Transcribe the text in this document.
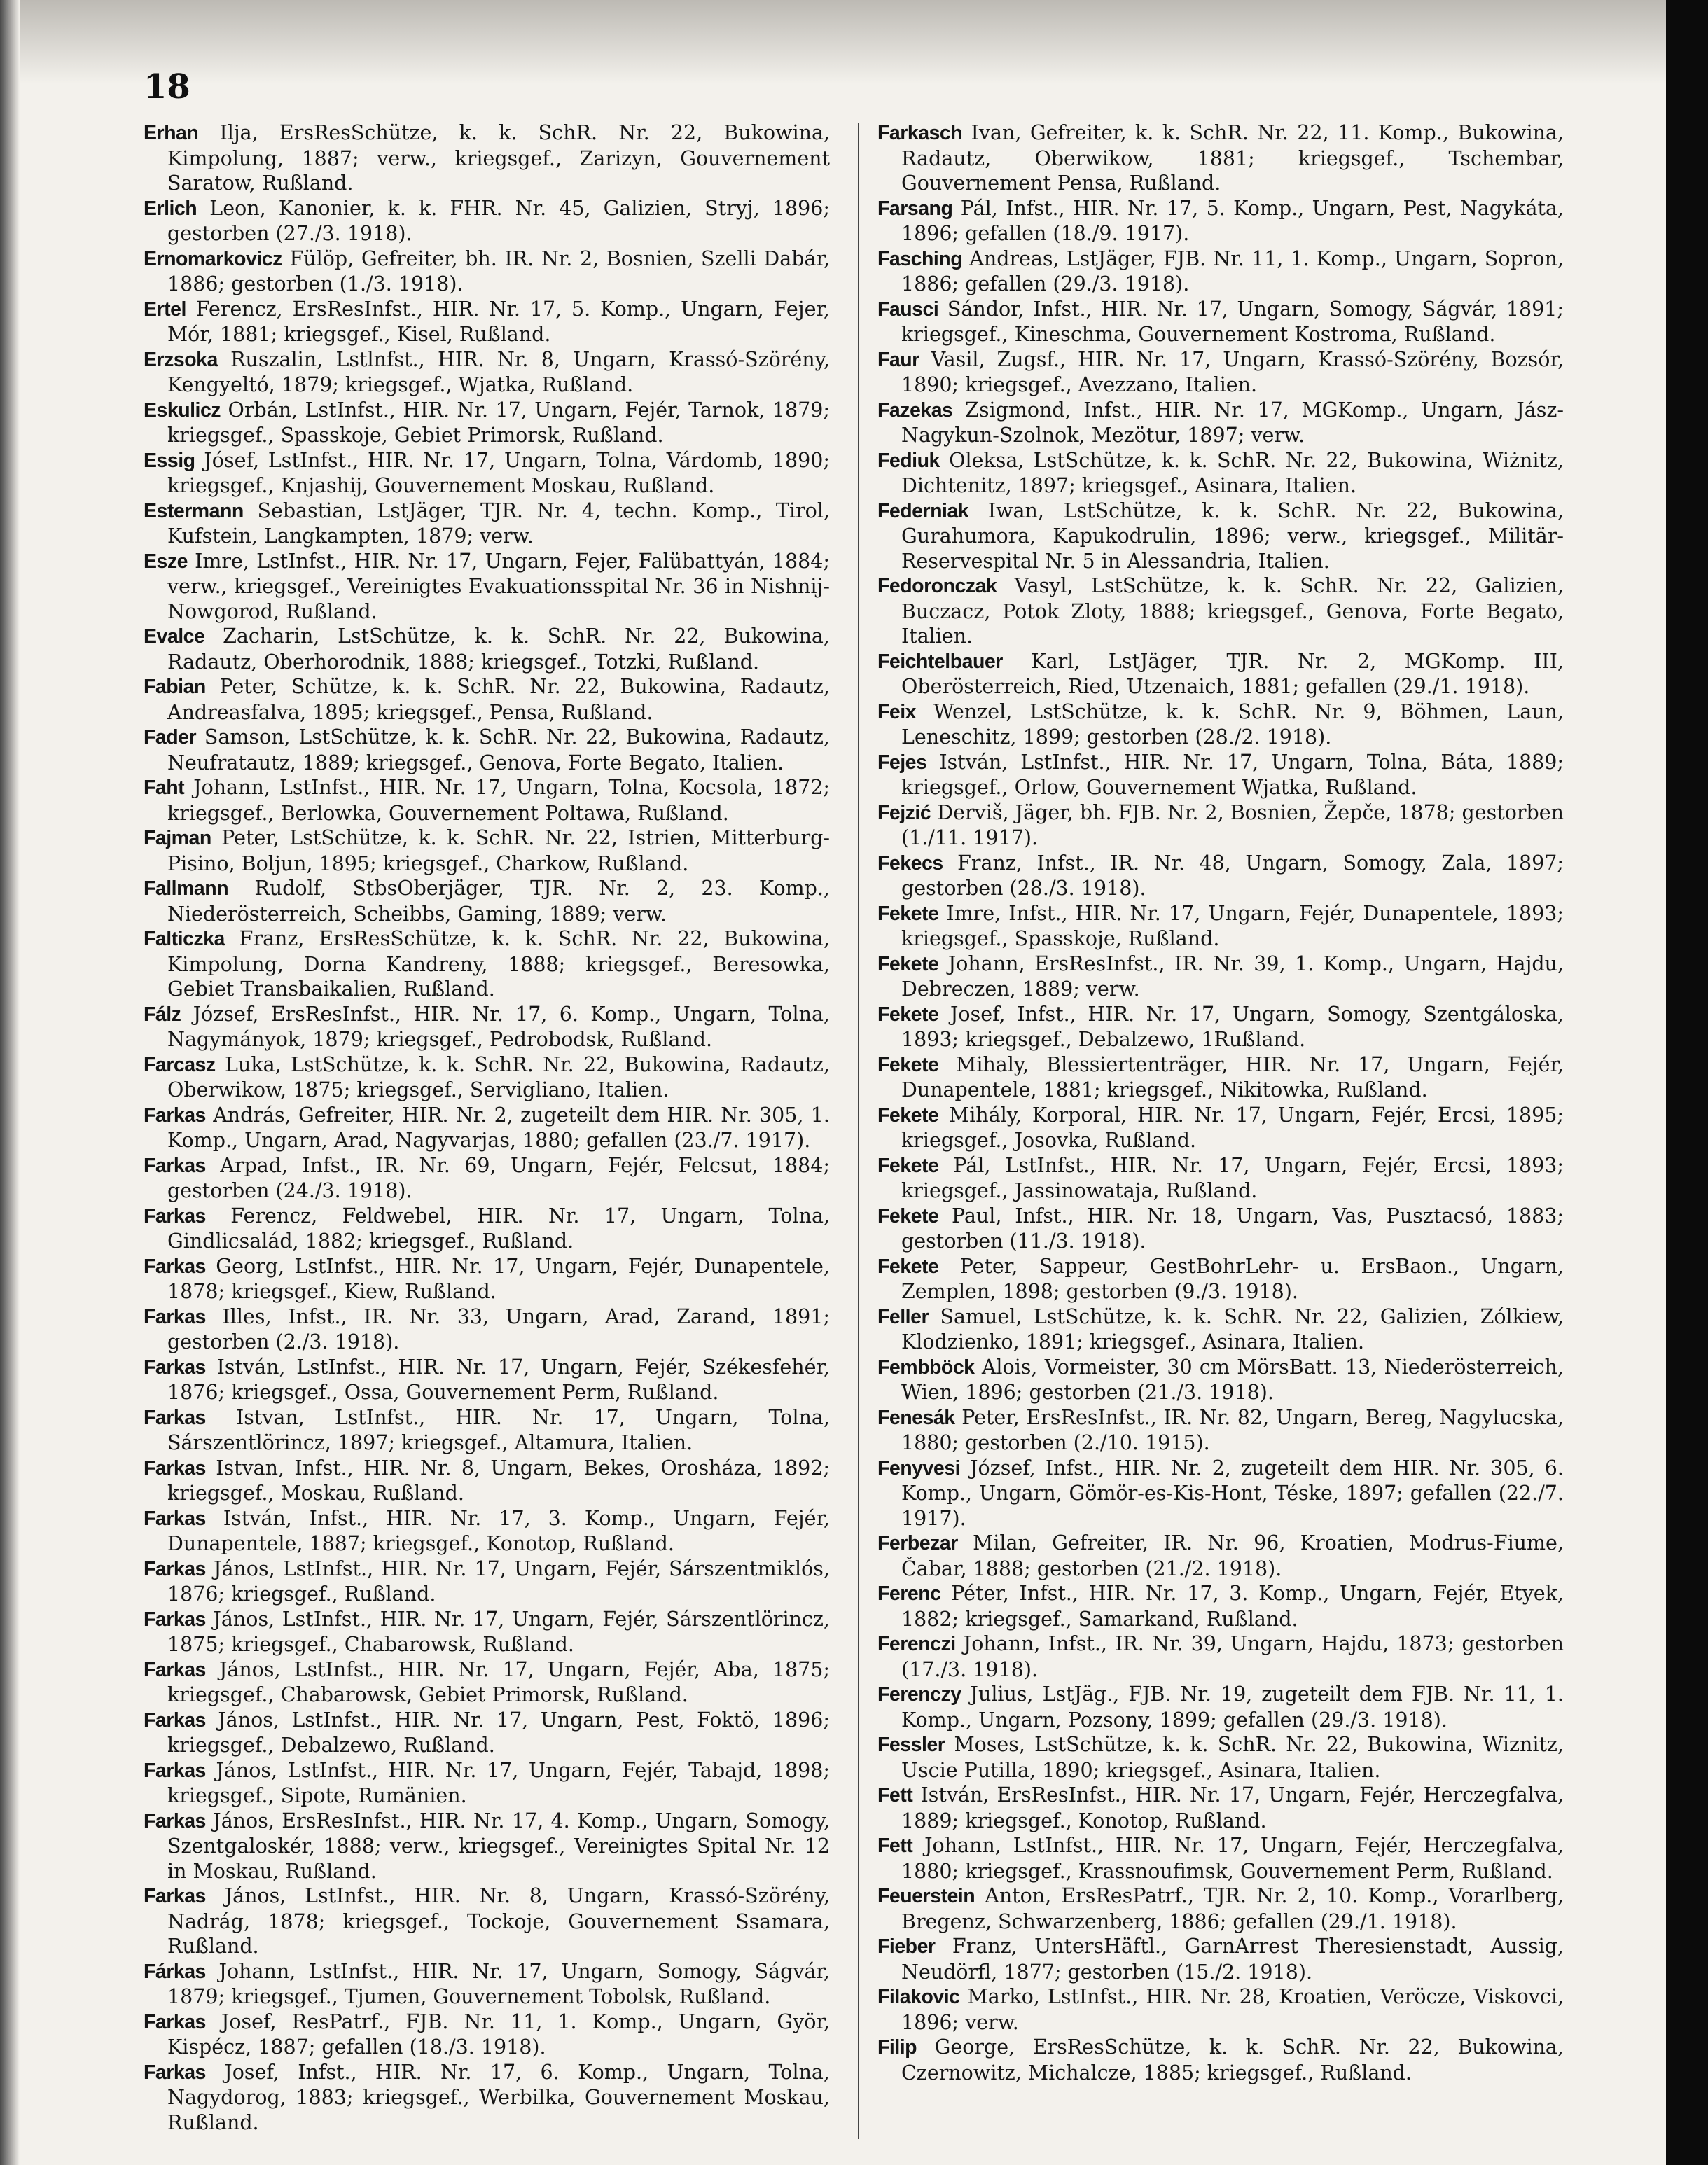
18

Erhan Ilja, ErsResSchütze, k. k. SchR. Nr. 22, Bukowina, Kimpolung, 1887; verw., kriegsgef., Zarizyn, Gouvernement Saratow, Rußland.

Erlich Leon, Kanonier, k. k. FHR. Nr. 45, Galizien, Stryj, 1896; gestorben (27./3. 1918).

Ernomarkovicz Fülöp, Gefreiter, bh. IR. Nr. 2, Bosnien, Szelli Dabár, 1886; gestorben (1./3. 1918).

Ertel Ferencz, ErsResInfst., HIR. Nr. 17, 5. Komp., Ungarn, Fejer, Mór, 1881; kriegsgef., Kisel, Rußland.

Erzsoka Ruszalin, Lstlnfst., HIR. Nr. 8, Ungarn, Krassó-Szörény, Kengyeltó, 1879; kriegsgef., Wjatka, Rußland.

Eskulicz Orbán, LstInfst., HIR. Nr. 17, Ungarn, Fejér, Tarnok, 1879; kriegsgef., Spasskoje, Gebiet Primorsk, Rußland.

Essig Jósef, LstInfst., HIR. Nr. 17, Ungarn, Tolna, Várdomb, 1890; kriegsgef., Knjashij, Gouvernement Moskau, Rußland.

Estermann Sebastian, LstJäger, TJR. Nr. 4, techn. Komp., Tirol, Kufstein, Langkampten, 1879; verw.

Esze Imre, LstInfst., HIR. Nr. 17, Ungarn, Fejer, Falübattyán, 1884; verw., kriegsgef., Vereinigtes Evakuationsspital Nr. 36 in Nishnij-Nowgorod, Rußland.

Evalce Zacharin, LstSchütze, k. k. SchR. Nr. 22, Bukowina, Radautz, Oberhorodnik, 1888; kriegsgef., Totzki, Rußland.

Fabian Peter, Schütze, k. k. SchR. Nr. 22, Bukowina, Radautz, Andreasfalva, 1895; kriegsgef., Pensa, Rußland.

Fader Samson, LstSchütze, k. k. SchR. Nr. 22, Bukowina, Radautz, Neufratautz, 1889; kriegsgef., Genova, Forte Begato, Italien.

Faht Johann, LstInfst., HIR. Nr. 17, Ungarn, Tolna, Kocsola, 1872; kriegsgef., Berlowka, Gouvernement Poltawa, Rußland.

Fajman Peter, LstSchütze, k. k. SchR. Nr. 22, Istrien, Mitterburg-Pisino, Boljun, 1895; kriegsgef., Charkow, Rußland.

Fallmann Rudolf, StbsOberjäger, TJR. Nr. 2, 23. Komp., Niederösterreich, Scheibbs, Gaming, 1889; verw.

Falticzka Franz, ErsResSchütze, k. k. SchR. Nr. 22, Bukowina, Kimpolung, Dorna Kandreny, 1888; kriegsgef., Beresowka, Gebiet Transbaikalien, Rußland.

Fálz József, ErsResInfst., HIR. Nr. 17, 6. Komp., Ungarn, Tolna, Nagymányok, 1879; kriegsgef., Pedrobodsk, Rußland.

Farcasz Luka, LstSchütze, k. k. SchR. Nr. 22, Bukowina, Radautz, Oberwikow, 1875; kriegsgef., Servigliano, Italien.

Farkas András, Gefreiter, HIR. Nr. 2, zugeteilt dem HIR. Nr. 305, 1. Komp., Ungarn, Arad, Nagyvarjas, 1880; gefallen (23./7. 1917).

Farkas Arpad, Infst., IR. Nr. 69, Ungarn, Fejér, Felcsut, 1884; gestorben (24./3. 1918).

Farkas Ferencz, Feldwebel, HIR. Nr. 17, Ungarn, Tolna, Gindlicsalád, 1882; kriegsgef., Rußland.

Farkas Georg, LstInfst., HIR. Nr. 17, Ungarn, Fejér, Dunapentele, 1878; kriegsgef., Kiew, Rußland.

Farkas Illes, Infst., IR. Nr. 33, Ungarn, Arad, Zarand, 1891; gestorben (2./3. 1918).

Farkas István, LstInfst., HIR. Nr. 17, Ungarn, Fejér, Székesfehér, 1876; kriegsgef., Ossa, Gouvernement Perm, Rußland.

Farkas Istvan, LstInfst., HIR. Nr. 17, Ungarn, Tolna, Sárszentlörincz, 1897; kriegsgef., Altamura, Italien.

Farkas Istvan, Infst., HIR. Nr. 8, Ungarn, Bekes, Orosháza, 1892; kriegsgef., Moskau, Rußland.

Farkas István, Infst., HIR. Nr. 17, 3. Komp., Ungarn, Fejér, Dunapentele, 1887; kriegsgef., Konotop, Rußland.

Farkas János, LstInfst., HIR. Nr. 17, Ungarn, Fejér, Sárszentmiklós, 1876; kriegsgef., Rußland.

Farkas János, LstInfst., HIR. Nr. 17, Ungarn, Fejér, Sárszentlörincz, 1875; kriegsgef., Chabarowsk, Rußland.

Farkas János, LstInfst., HIR. Nr. 17, Ungarn, Fejér, Aba, 1875; kriegsgef., Chabarowsk, Gebiet Primorsk, Rußland.

Farkas János, LstInfst., HIR. Nr. 17, Ungarn, Pest, Foktö, 1896; kriegsgef., Debalzewo, Rußland.

Farkas János, LstInfst., HIR. Nr. 17, Ungarn, Fejér, Tabajd, 1898; kriegsgef., Sipote, Rumänien.

Farkas János, ErsResInfst., HIR. Nr. 17, 4. Komp., Ungarn, Somogy, Szentgaloskér, 1888; verw., kriegsgef., Vereinigtes Spital Nr. 12 in Moskau, Rußland.

Farkas János, LstInfst., HIR. Nr. 8, Ungarn, Krassó-Szörény, Nadrág, 1878; kriegsgef., Tockoje, Gouvernement Ssamara, Rußland.

Fárkas Johann, LstInfst., HIR. Nr. 17, Ungarn, Somogy, Ságvár, 1879; kriegsgef., Tjumen, Gouvernement Tobolsk, Rußland.

Farkas Josef, ResPatrf., FJB. Nr. 11, 1. Komp., Ungarn, Györ, Kispécz, 1887; gefallen (18./3. 1918).

Farkas Josef, Infst., HIR. Nr. 17, 6. Komp., Ungarn, Tolna, Nagydorog, 1883; kriegsgef., Werbilka, Gouvernement Moskau, Rußland.

Farkasch Ivan, Gefreiter, k. k. SchR. Nr. 22, 11. Komp., Bukowina, Radautz, Oberwikow, 1881; kriegsgef., Tschembar, Gouvernement Pensa, Rußland.

Farsang Pál, Infst., HIR. Nr. 17, 5. Komp., Ungarn, Pest, Nagykáta, 1896; gefallen (18./9. 1917).

Fasching Andreas, LstJäger, FJB. Nr. 11, 1. Komp., Ungarn, Sopron, 1886; gefallen (29./3. 1918).

Fausci Sándor, Infst., HIR. Nr. 17, Ungarn, Somogy, Ságvár, 1891; kriegsgef., Kineschma, Gouvernement Kostroma, Rußland.

Faur Vasil, Zugsf., HIR. Nr. 17, Ungarn, Krassó-Szörény, Bozsór, 1890; kriegsgef., Avezzano, Italien.

Fazekas Zsigmond, Infst., HIR. Nr. 17, MGKomp., Ungarn, Jász-Nagykun-Szolnok, Mezötur, 1897; verw.

Fediuk Oleksa, LstSchütze, k. k. SchR. Nr. 22, Bukowina, Wiżnitz, Dichtenitz, 1897; kriegsgef., Asinara, Italien.

Federniak Iwan, LstSchütze, k. k. SchR. Nr. 22, Bukowina, Gurahumora, Kapukodrulin, 1896; verw., kriegsgef., Militär-Reservespital Nr. 5 in Alessandria, Italien.

Fedoronczak Vasyl, LstSchütze, k. k. SchR. Nr. 22, Galizien, Buczacz, Potok Zloty, 1888; kriegsgef., Genova, Forte Begato, Italien.

Feichtelbauer Karl, LstJäger, TJR. Nr. 2, MGKomp. III, Oberösterreich, Ried, Utzenaich, 1881; gefallen (29./1. 1918).

Feix Wenzel, LstSchütze, k. k. SchR. Nr. 9, Böhmen, Laun, Leneschitz, 1899; gestorben (28./2. 1918).

Fejes István, LstInfst., HIR. Nr. 17, Ungarn, Tolna, Báta, 1889; kriegsgef., Orlow, Gouvernement Wjatka, Rußland.

Fejzić Derviš, Jäger, bh. FJB. Nr. 2, Bosnien, Žepče, 1878; gestorben (1./11. 1917).

Fekecs Franz, Infst., IR. Nr. 48, Ungarn, Somogy, Zala, 1897; gestorben (28./3. 1918).

Fekete Imre, Infst., HIR. Nr. 17, Ungarn, Fejér, Dunapentele, 1893; kriegsgef., Spasskoje, Rußland.

Fekete Johann, ErsResInfst., IR. Nr. 39, 1. Komp., Ungarn, Hajdu, Debreczen, 1889; verw.

Fekete Josef, Infst., HIR. Nr. 17, Ungarn, Somogy, Szentgáloska, 1893; kriegsgef., Debalzewo, 1Rußland.

Fekete Mihaly, Blessiertenträger, HIR. Nr. 17, Ungarn, Fejér, Dunapentele, 1881; kriegsgef., Nikitowka, Rußland.

Fekete Mihály, Korporal, HIR. Nr. 17, Ungarn, Fejér, Ercsi, 1895; kriegsgef., Josovka, Rußland.

Fekete Pál, LstInfst., HIR. Nr. 17, Ungarn, Fejér, Ercsi, 1893; kriegsgef., Jassinowataja, Rußland.

Fekete Paul, Infst., HIR. Nr. 18, Ungarn, Vas, Pusztacsó, 1883; gestorben (11./3. 1918).

Fekete Peter, Sappeur, GestBohrLehr- u. ErsBaon., Ungarn, Zemplen, 1898; gestorben (9./3. 1918).

Feller Samuel, LstSchütze, k. k. SchR. Nr. 22, Galizien, Zólkiew, Klodzienko, 1891; kriegsgef., Asinara, Italien.

Fembböck Alois, Vormeister, 30 cm MörsBatt. 13, Niederösterreich, Wien, 1896; gestorben (21./3. 1918).

Fenesák Peter, ErsResInfst., IR. Nr. 82, Ungarn, Bereg, Nagylucska, 1880; gestorben (2./10. 1915).

Fenyvesi József, Infst., HIR. Nr. 2, zugeteilt dem HIR. Nr. 305, 6. Komp., Ungarn, Gömör-es-Kis-Hont, Téske, 1897; gefallen (22./7. 1917).

Ferbezar Milan, Gefreiter, IR. Nr. 96, Kroatien, Modrus-Fiume, Čabar, 1888; gestorben (21./2. 1918).

Ferenc Péter, Infst., HIR. Nr. 17, 3. Komp., Ungarn, Fejér, Etyek, 1882; kriegsgef., Samarkand, Rußland.

Ferenczi Johann, Infst., IR. Nr. 39, Ungarn, Hajdu, 1873; gestorben (17./3. 1918).

Ferenczy Julius, LstJäg., FJB. Nr. 19, zugeteilt dem FJB. Nr. 11, 1. Komp., Ungarn, Pozsony, 1899; gefallen (29./3. 1918).

Fessler Moses, LstSchütze, k. k. SchR. Nr. 22, Bukowina, Wiznitz, Uscie Putilla, 1890; kriegsgef., Asinara, Italien.

Fett István, ErsResInfst., HIR. Nr. 17, Ungarn, Fejér, Herczegfalva, 1889; kriegsgef., Konotop, Rußland.

Fett Johann, LstInfst., HIR. Nr. 17, Ungarn, Fejér, Herczegfalva, 1880; kriegsgef., Krassnoufimsk, Gouvernement Perm, Rußland.

Feuerstein Anton, ErsResPatrf., TJR. Nr. 2, 10. Komp., Vorarlberg, Bregenz, Schwarzenberg, 1886; gefallen (29./1. 1918).

Fieber Franz, UntersHäftl., GarnArrest Theresienstadt, Aussig, Neudörfl, 1877; gestorben (15./2. 1918).

Filakovic Marko, LstInfst., HIR. Nr. 28, Kroatien, Veröcze, Viskovci, 1896; verw.

Filip George, ErsResSchütze, k. k. SchR. Nr. 22, Bukowina, Czernowitz, Michalcze, 1885; kriegsgef., Rußland.
